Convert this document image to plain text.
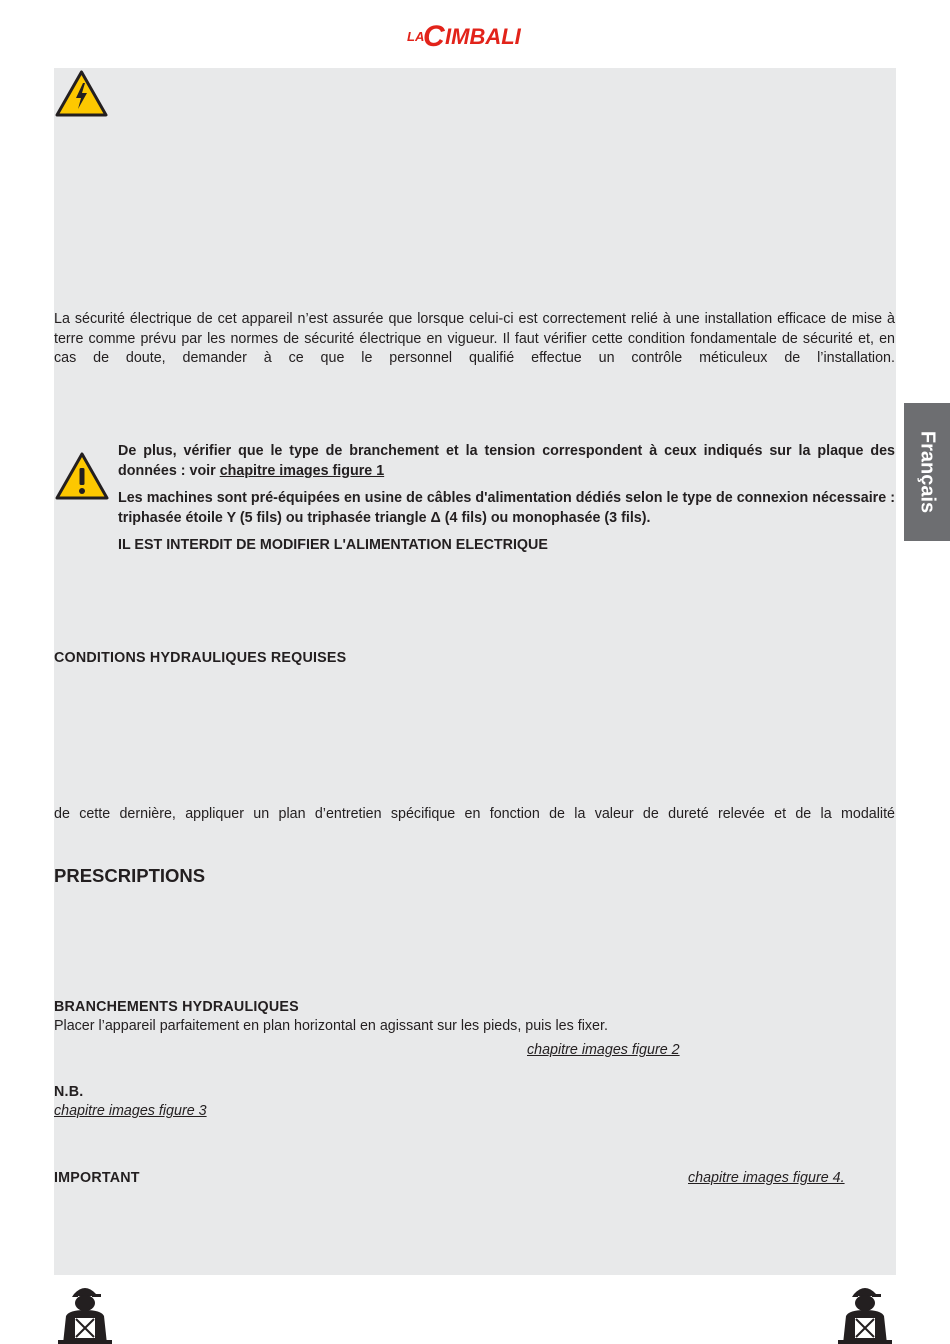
LA
C IMBALI
Français
La sécurité électrique de cet appareil n’est assurée que lorsque celui-ci est correctement relié à une installation efficace de mise à terre comme prévu par les normes de sécurité électrique en vigueur. Il faut vérifier cette condition fondamentale de sécurité et, en cas de doute, demander à ce que le personnel qualifié effectue un contrôle méticuleux de l’installation.

De plus, vérifier que le type de branchement et la tension correspondent à ceux indiqués sur la plaque des données : voir chapitre images figure 1

Les machines sont pré-équipées en usine de câbles d'alimentation dédiés selon le type de connexion nécessaire : triphasée étoile Y (5 fils) ou triphasée triangle Δ (4 fils) ou monophasée (3 fils).

IL EST INTERDIT DE MODIFIER L'ALIMENTATION ELECTRIQUE

CONDITIONS HYDRAULIQUES REQUISES
de cette dernière, appliquer un plan d’entretien spécifique en fonction de la valeur de dureté relevée et de la modalité
PRESCRIPTIONS
BRANCHEMENTS HYDRAULIQUES
Placer l’appareil parfaitement en plan horizontal en agissant sur les pieds, puis les fixer.
chapitre images figure 2
N.B.
chapitre images figure 3
IMPORTANT	chapitre images figure 4.
